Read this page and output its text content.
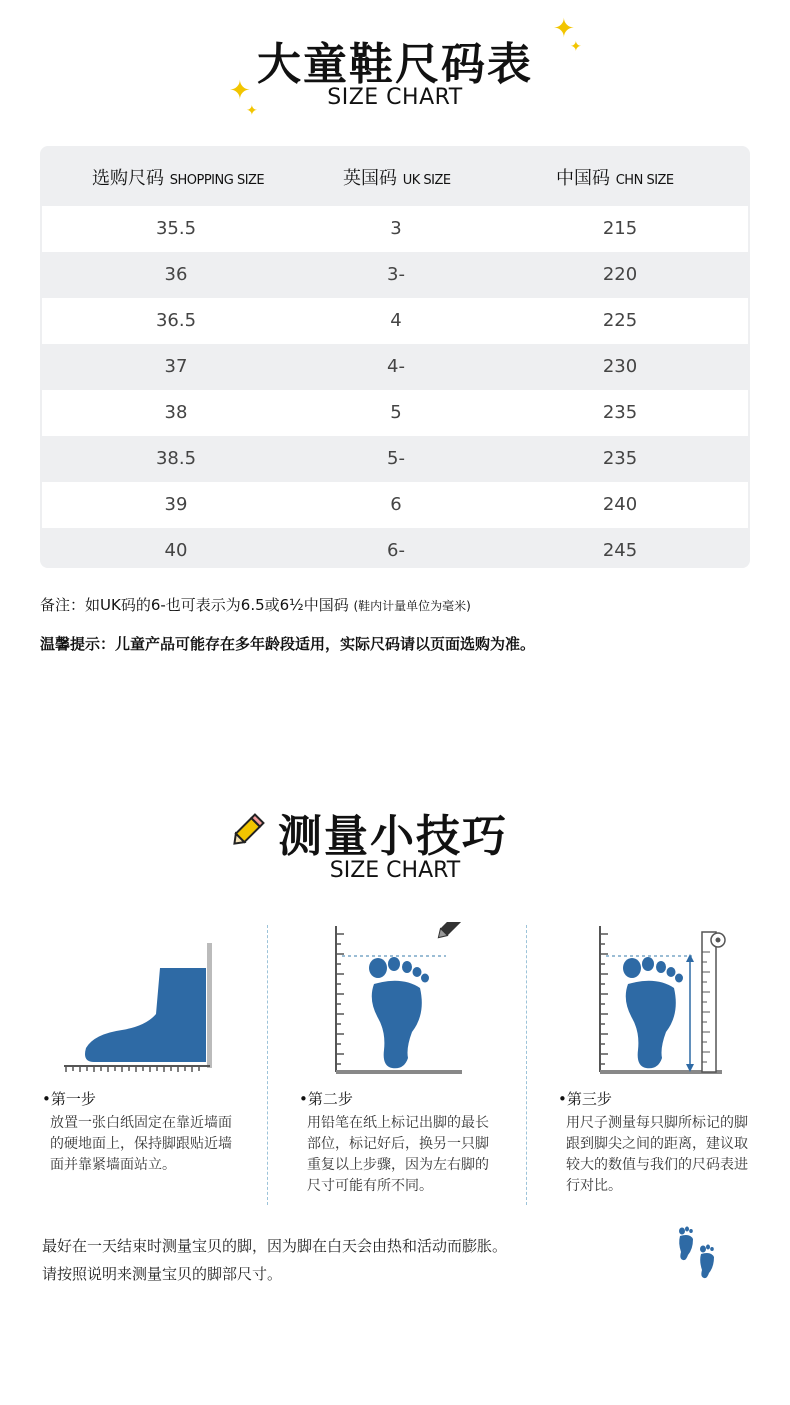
✦
✦
大童鞋尺码表
✦
✦
SIZE CHART
选购尺码 SHOPPING SIZE	英国码 UK SIZE	中国码 CHN SIZE
35.5	3	215
36	3-	220
36.5	4	225
37	4-	230
38	5	235
38.5	5-	235
39	6	240
40	6-	245
备注：如UK码的6-也可表示为6.5或6½中国码 (鞋内计量单位为毫米)
温馨提示：儿童产品可能存在多年龄段适用，实际尺码请以页面选购为准。
测量小技巧
SIZE CHART
•第一步
放置一张白纸固定在靠近墙面的硬地面上，保持脚跟贴近墙面并靠紧墙面站立。
•第二步
用铅笔在纸上标记出脚的最长部位，标记好后，换另一只脚重复以上步骤，因为左右脚的尺寸可能有所不同。
•第三步
用尺子测量每只脚所标记的脚跟到脚尖之间的距离，建议取较大的数值与我们的尺码表进行对比。
最好在一天结束时测量宝贝的脚，因为脚在白天会由热和活动而膨胀。
请按照说明来测量宝贝的脚部尺寸。
